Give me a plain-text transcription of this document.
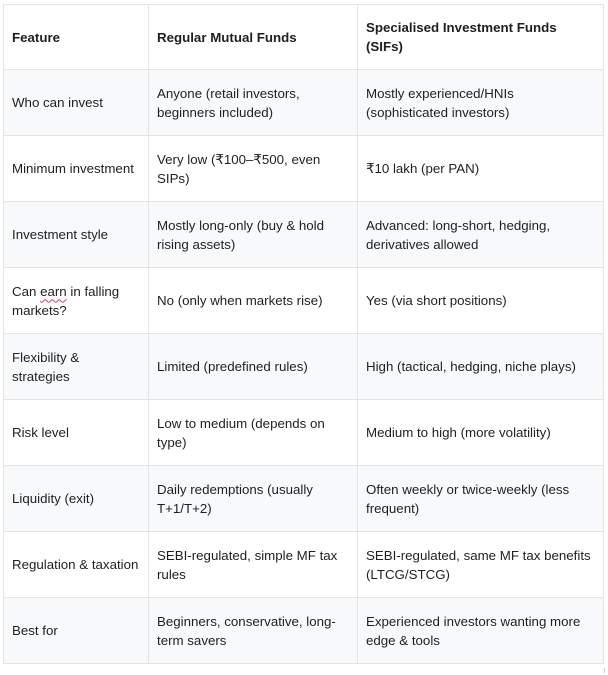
Feature	Regular Mutual Funds	Specialised Investment Funds (SIFs)
Who can invest	Anyone (retail investors, beginners included)	Mostly experienced/HNIs (sophisticated investors)
Minimum investment	Very low (₹100–₹500, even SIPs)	₹10 lakh (per PAN)
Investment style	Mostly long-only (buy & hold rising assets)	Advanced: long-short, hedging, derivatives allowed
Can earn in falling markets?	No (only when markets rise)	Yes (via short positions)
Flexibility & strategies	Limited (predefined rules)	High (tactical, hedging, niche plays)
Risk level	Low to medium (depends on type)	Medium to high (more volatility)
Liquidity (exit)	Daily redemptions (usually T+1/T+2)	Often weekly or twice-weekly (less frequent)
Regulation & taxation	SEBI-regulated, simple MF tax rules	SEBI-regulated, same MF tax benefits (LTCG/STCG)
Best for	Beginners, conservative, long-term savers	Experienced investors wanting more edge & tools
